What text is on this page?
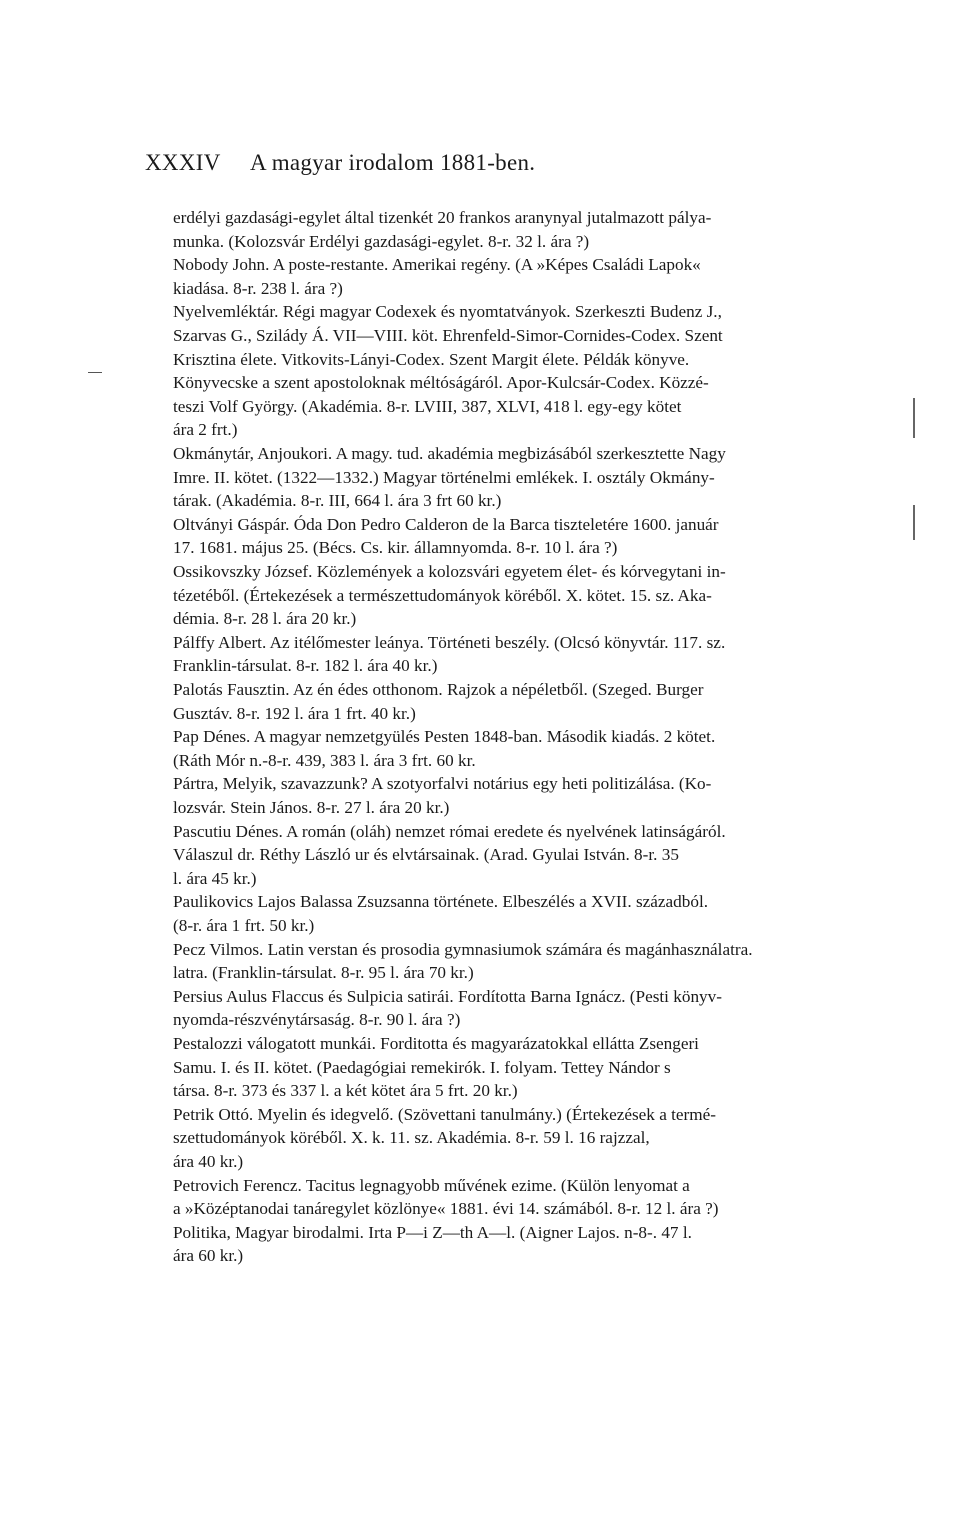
XXXIV A magyar irodalom 1881-ben.
erdélyi gazdasági-egylet által tizenkét 20 frankos aranynyal jutalmazott pálya-
munka. (Kolozsvár Erdélyi gazdasági-egylet. 8-r. 32 l. ára ?)
Nobody John. A poste-restante. Amerikai regény. (A »Képes Családi Lapok«
kiadása. 8-r. 238 l. ára ?)
Nyelvemléktár. Régi magyar Codexek és nyomtatványok. Szerkeszti Budenz J.,
Szarvas G., Szilády Á. VII—VIII. köt. Ehrenfeld-Simor-Cornides-Codex. Szent
Krisztina élete. Vitkovits-Lányi-Codex. Szent Margit élete. Példák könyve.
Könyvecske a szent apostoloknak méltóságáról. Apor-Kulcsár-Codex. Közzé-
teszi Volf György. (Akadémia. 8-r. LVIII, 387, XLVI, 418 l. egy-egy kötet
ára 2 frt.)
Okmánytár, Anjoukori. A magy. tud. akadémia megbizásából szerkesztette Nagy
Imre. II. kötet. (1322—1332.) Magyar történelmi emlékek. I. osztály Okmány-
tárak. (Akadémia. 8-r. III, 664 l. ára 3 frt 60 kr.)
Oltványi Gáspár. Óda Don Pedro Calderon de la Barca tiszteletére 1600. január
17. 1681. május 25. (Bécs. Cs. kir. államnyomda. 8-r. 10 l. ára ?)
Ossikovszky József. Közlemények a kolozsvári egyetem élet- és kórvegytani in-
tézetéből. (Értekezések a természettudományok köréből. X. kötet. 15. sz. Aka-
démia. 8-r. 28 l. ára 20 kr.)
Pálffy Albert. Az itélőmester leánya. Történeti beszély. (Olcsó könyvtár. 117. sz.
Franklin-társulat. 8-r. 182 l. ára 40 kr.)
Palotás Fausztin. Az én édes otthonom. Rajzok a népéletből. (Szeged. Burger
Gusztáv. 8-r. 192 l. ára 1 frt. 40 kr.)
Pap Dénes. A magyar nemzetgyülés Pesten 1848-ban. Második kiadás. 2 kötet.
(Ráth Mór n.-8-r. 439, 383 l. ára 3 frt. 60 kr.
Pártra, Melyik, szavazzunk? A szotyorfalvi notárius egy heti politizálása. (Ko-
lozsvár. Stein János. 8-r. 27 l. ára 20 kr.)
Pascutiu Dénes. A román (oláh) nemzet római eredete és nyelvének latinságáról.
Válaszul dr. Réthy László ur és elvtársainak. (Arad. Gyulai István. 8-r. 35
l. ára 45 kr.)
Paulikovics Lajos Balassa Zsuzsanna története. Elbeszélés a XVII. századból.
(8-r. ára 1 frt. 50 kr.)
Pecz Vilmos. Latin verstan és prosodia gymnasiumok számára és magánhasználatra.
latra. (Franklin-társulat. 8-r. 95 l. ára 70 kr.)
Persius Aulus Flaccus és Sulpicia satirái. Fordította Barna Ignácz. (Pesti könyv-
nyomda-részvénytársaság. 8-r. 90 l. ára ?)
Pestalozzi válogatott munkái. Forditotta és magyarázatokkal ellátta Zsengeri
Samu. I. és II. kötet. (Paedagógiai remekirók. I. folyam. Tettey Nándor s
társa. 8-r. 373 és 337 l. a két kötet ára 5 frt. 20 kr.)
Petrik Ottó. Myelin és idegvelő. (Szövettani tanulmány.) (Értekezések a termé-
szettudományok köréből. X. k. 11. sz. Akadémia. 8-r. 59 l. 16 rajzzal,
ára 40 kr.)
Petrovich Ferencz. Tacitus legnagyobb művének ezime. (Külön lenyomat a
a »Középtanodai tanáregylet közlönye« 1881. évi 14. számából. 8-r. 12 l. ára ?)
Politika, Magyar birodalmi. Irta P—i Z—th A—l. (Aigner Lajos. n-8-. 47 l.
ára 60 kr.)
